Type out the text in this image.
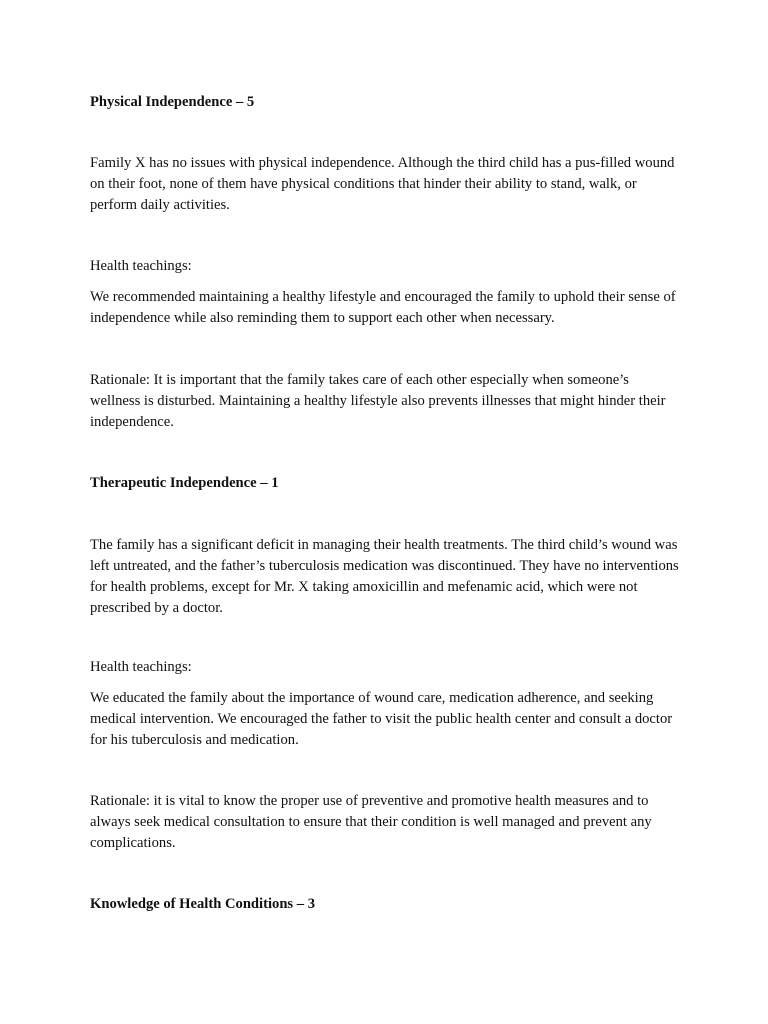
Physical Independence – 5

Family X has no issues with physical independence. Although the third child has a pus-filled wound on their foot, none of them have physical conditions that hinder their ability to stand, walk, or perform daily activities.

Health teachings:

We recommended maintaining a healthy lifestyle and encouraged the family to uphold their sense of independence while also reminding them to support each other when necessary.

Rationale: It is important that the family takes care of each other especially when someone’s wellness is disturbed. Maintaining a healthy lifestyle also prevents illnesses that might hinder their independence.

Therapeutic Independence – 1

The family has a significant deficit in managing their health treatments. The third child’s wound was left untreated, and the father’s tuberculosis medication was discontinued. They have no interventions for health problems, except for Mr. X taking amoxicillin and mefenamic acid, which were not prescribed by a doctor.

Health teachings:

We educated the family about the importance of wound care, medication adherence, and seeking medical intervention. We encouraged the father to visit the public health center and consult a doctor for his tuberculosis and medication.

Rationale: it is vital to know the proper use of preventive and promotive health measures and to always seek medical consultation to ensure that their condition is well managed and prevent any complications.

Knowledge of Health Conditions – 3
